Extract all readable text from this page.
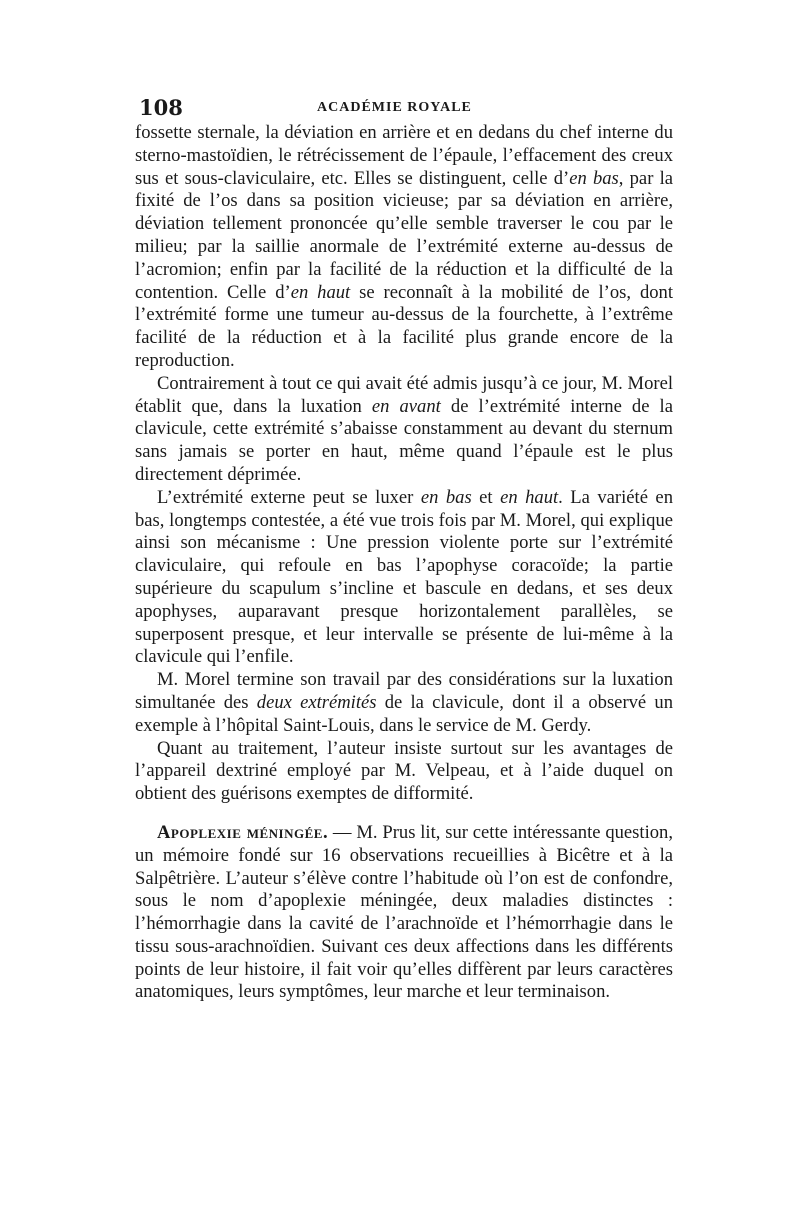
108	ACADÉMIE ROYALE

fossette sternale, la déviation en arrière et en dedans du chef interne du sterno-mastoïdien, le rétrécissement de l’épaule, l’effacement des creux sus et sous-claviculaire, etc. Elles se distinguent, celle d’en bas, par la fixité de l’os dans sa position vicieuse; par sa déviation en arrière, déviation tellement prononcée qu’elle semble traverser le cou par le milieu; par la saillie anormale de l’extrémité externe au-dessus de l’acromion; enfin par la facilité de la réduction et la difficulté de la contention. Celle d’en haut se reconnaît à la mobilité de l’os, dont l’extrémité forme une tumeur au-dessus de la fourchette, à l’extrême facilité de la réduction et à la facilité plus grande encore de la reproduction.

Contrairement à tout ce qui avait été admis jusqu’à ce jour, M. Morel établit que, dans la luxation en avant de l’extrémité interne de la clavicule, cette extrémité s’abaisse constamment au devant du sternum sans jamais se porter en haut, même quand l’épaule est le plus directement déprimée.

L’extrémité externe peut se luxer en bas et en haut. La variété en bas, longtemps contestée, a été vue trois fois par M. Morel, qui explique ainsi son mécanisme : Une pression violente porte sur l’extrémité claviculaire, qui refoule en bas l’apophyse coracoïde; la partie supérieure du scapulum s’incline et bascule en dedans, et ses deux apophyses, auparavant presque horizontalement parallèles, se superposent presque, et leur intervalle se présente de lui-même à la clavicule qui l’enfile.

M. Morel termine son travail par des considérations sur la luxation simultanée des deux extrémités de la clavicule, dont il a observé un exemple à l’hôpital Saint-Louis, dans le service de M. Gerdy.

Quant au traitement, l’auteur insiste surtout sur les avantages de l’appareil dextriné employé par M. Velpeau, et à l’aide duquel on obtient des guérisons exemptes de difformité.

Apoplexie méningée. — M. Prus lit, sur cette intéressante question, un mémoire fondé sur 16 observations recueillies à Bicêtre et à la Salpêtrière. L’auteur s’élève contre l’habitude où l’on est de confondre, sous le nom d’apoplexie méningée, deux maladies distinctes : l’hémorrhagie dans la cavité de l’arachnoïde et l’hémorrhagie dans le tissu sous-arachnoïdien. Suivant ces deux affections dans les différents points de leur histoire, il fait voir qu’elles diffèrent par leurs caractères anatomiques, leurs symptômes, leur marche et leur terminaison.
